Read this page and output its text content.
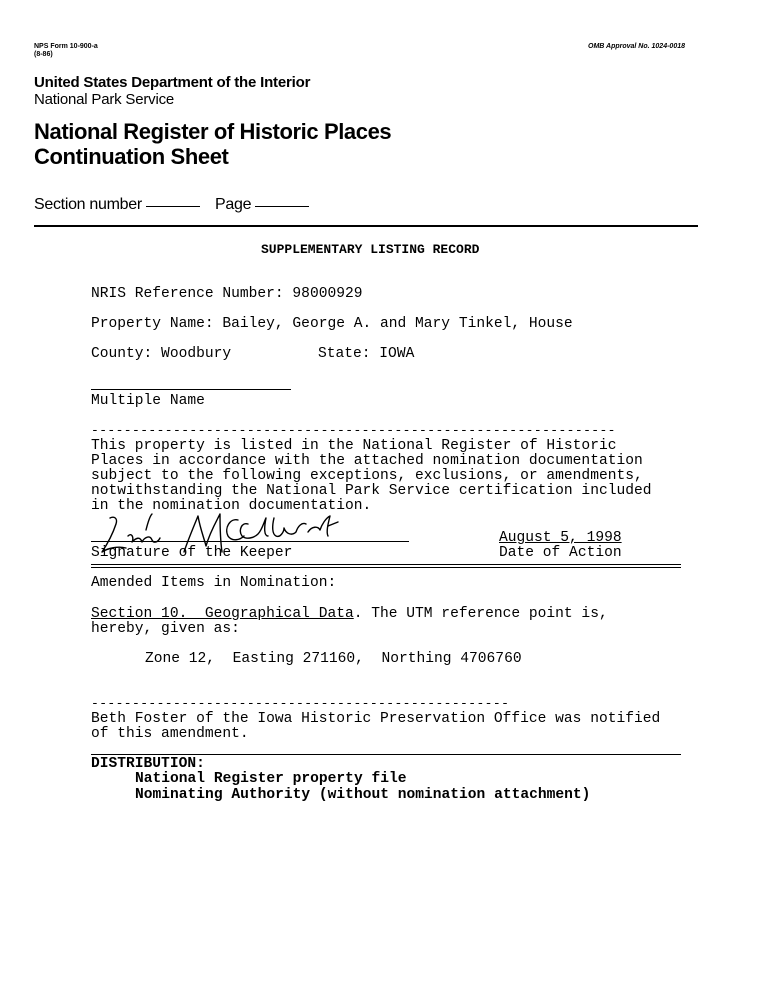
NPS Form 10-900-a
(8-86)
OMB Approval No. 1024-0018
United States Department of the Interior
National Park Service
National Register of Historic Places
Continuation Sheet
Section number	Page
SUPPLEMENTARY LISTING RECORD
NRIS Reference Number: 98000929
Property Name: Bailey, George A. and Mary Tinkel, House
County: Woodbury	State: IOWA
Multiple Name
----------------------------------------------------------------
This property is listed in the National Register of Historic
Places in accordance with the attached nomination documentation
subject to the following exceptions, exclusions, or amendments,
notwithstanding the National Park Service certification included
in the nomination documentation.
Signature of the Keeper
August 5, 1998
Date of Action
Amended Items in Nomination:
Section 10.  Geographical Data. The UTM reference point is,
hereby, given as:
Zone 12,  Easting 271160,  Northing 4706760
---------------------------------------------------
Beth Foster of the Iowa Historic Preservation Office was notified
of this amendment.
DISTRIBUTION:
National Register property file
Nominating Authority (without nomination attachment)
